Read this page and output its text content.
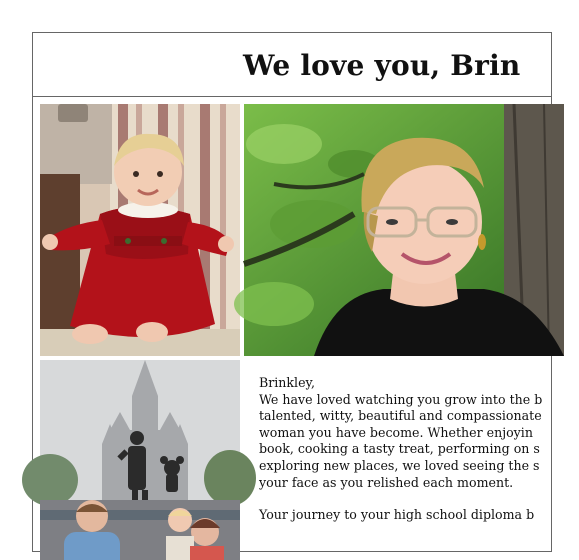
We love you, Brin
Brinkley,
We have loved watching you grow into the b
talented, witty, beautiful and compassionate
woman you have become. Whether enjoyin
book, cooking a tasty treat, performing on s
exploring new places, we loved seeing the s
your face as you relished each moment.
Your journey to your high school diploma b
